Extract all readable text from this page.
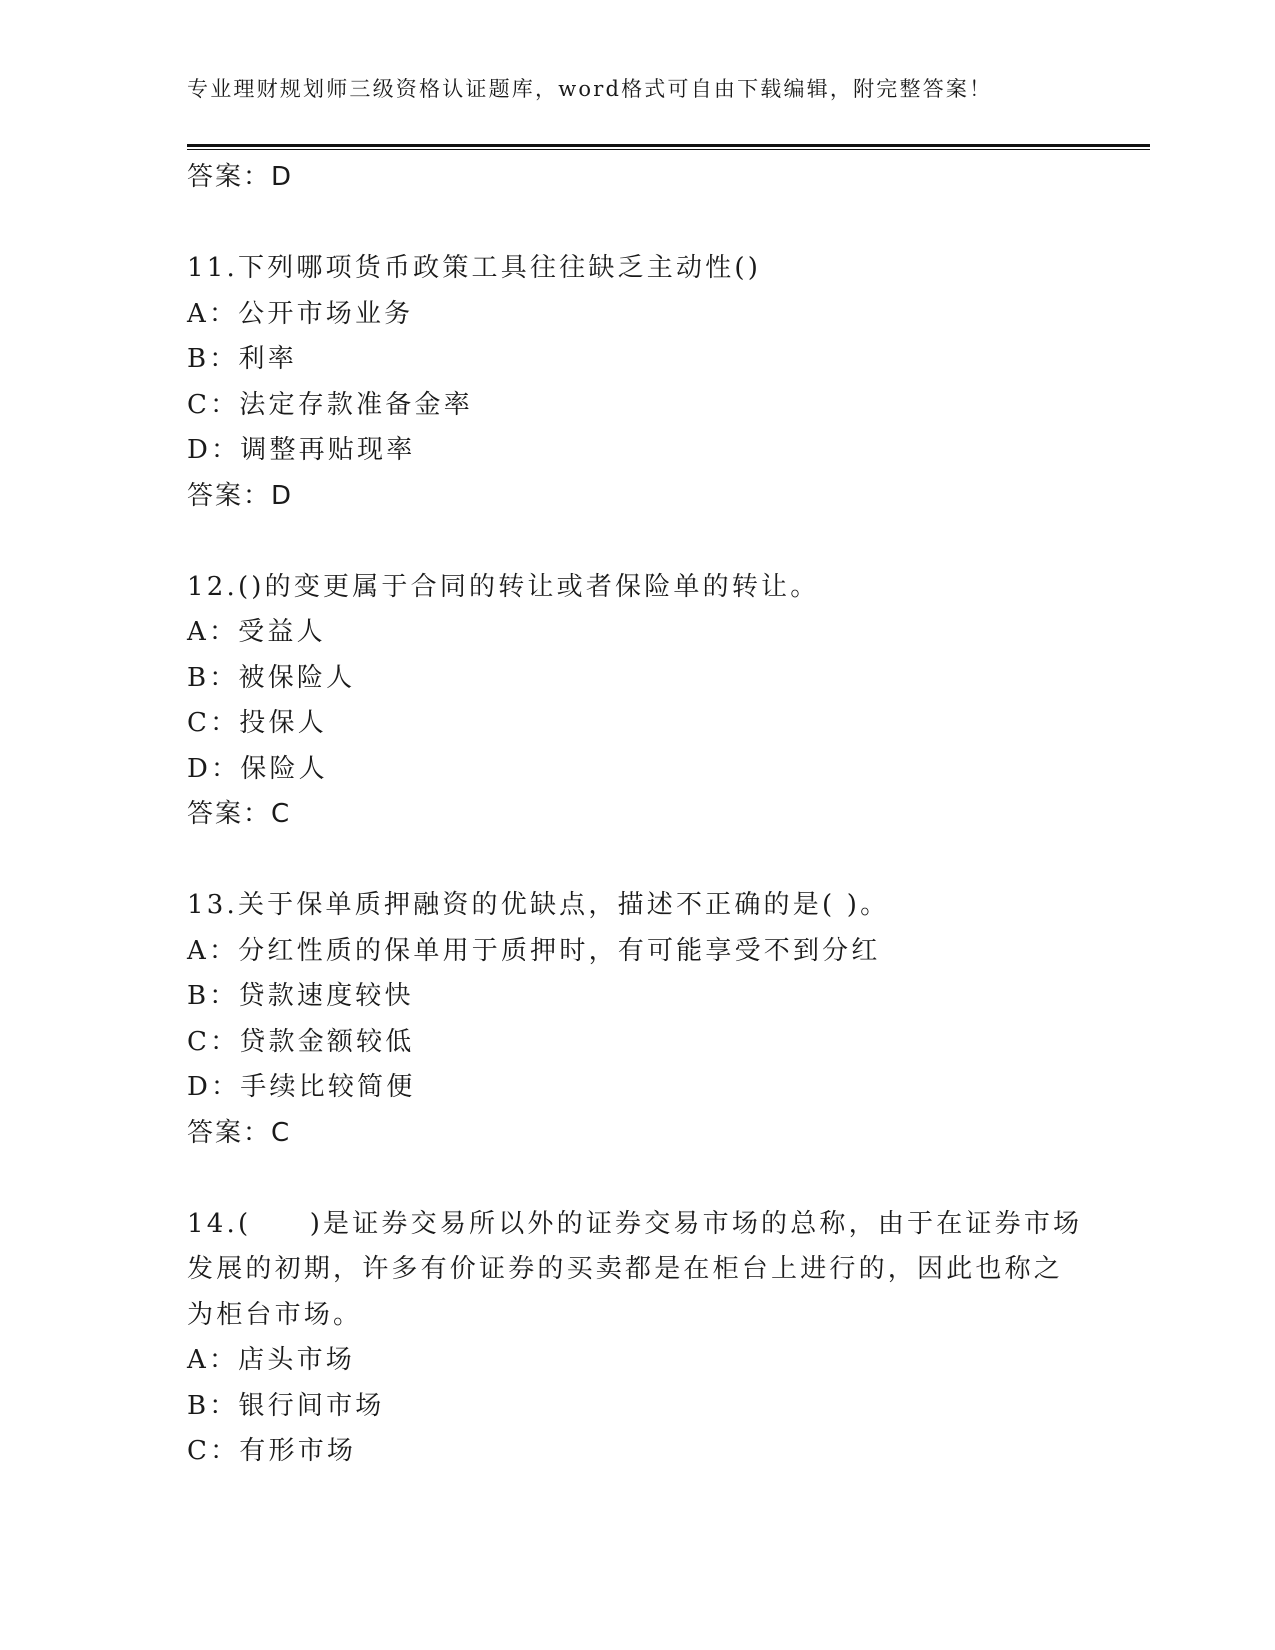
专业理财规划师三级资格认证题库，word格式可自由下载编辑，附完整答案！
答案：D
11.下列哪项货币政策工具往往缺乏主动性()
A：公开市场业务
B：利率
C：法定存款准备金率
D：调整再贴现率
答案：D
12.()的变更属于合同的转让或者保险单的转让。
A：受益人
B：被保险人
C：投保人
D：保险人
答案：C
13.关于保单质押融资的优缺点，描述不正确的是( )。
A：分红性质的保单用于质押时，有可能享受不到分红
B：贷款速度较快
C：贷款金额较低
D：手续比较简便
答案：C
14.(　　)是证券交易所以外的证券交易市场的总称，由于在证券市场
发展的初期，许多有价证券的买卖都是在柜台上进行的，因此也称之
为柜台市场。
A：店头市场
B：银行间市场
C：有形市场
